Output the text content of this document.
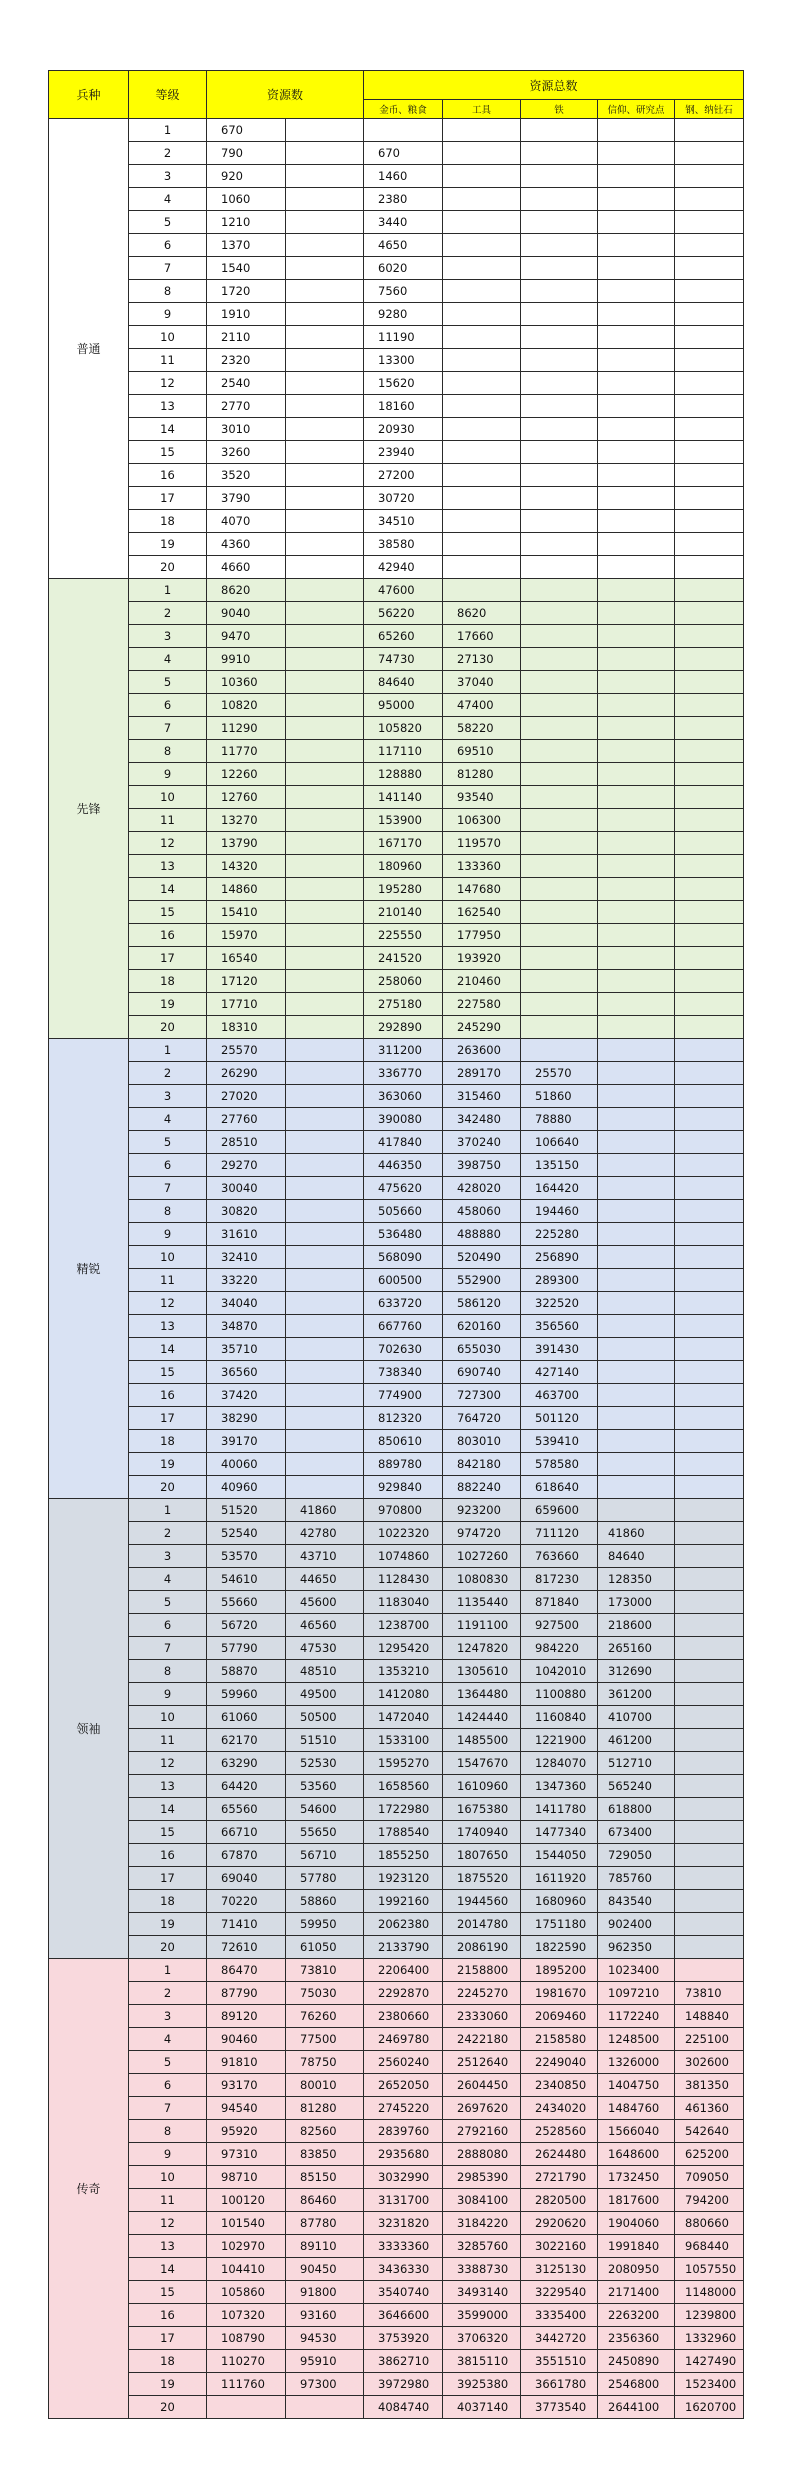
兵种	等级	资源数		资源总数				
				金币、粮食	工具	铁	信仰、研究点	钢、纳钍石
普通	1	670						
	2	790		670				
	3	920		1460				
	4	1060		2380				
	5	1210		3440				
	6	1370		4650				
	7	1540		6020				
	8	1720		7560				
	9	1910		9280				
	10	2110		11190				
	11	2320		13300				
	12	2540		15620				
	13	2770		18160				
	14	3010		20930				
	15	3260		23940				
	16	3520		27200				
	17	3790		30720				
	18	4070		34510				
	19	4360		38580				
	20	4660		42940				
先锋	1	8620		47600				
	2	9040		56220	8620			
	3	9470		65260	17660			
	4	9910		74730	27130			
	5	10360		84640	37040			
	6	10820		95000	47400			
	7	11290		105820	58220			
	8	11770		117110	69510			
	9	12260		128880	81280			
	10	12760		141140	93540			
	11	13270		153900	106300			
	12	13790		167170	119570			
	13	14320		180960	133360			
	14	14860		195280	147680			
	15	15410		210140	162540			
	16	15970		225550	177950			
	17	16540		241520	193920			
	18	17120		258060	210460			
	19	17710		275180	227580			
	20	18310		292890	245290			
精锐	1	25570		311200	263600			
	2	26290		336770	289170	25570		
	3	27020		363060	315460	51860		
	4	27760		390080	342480	78880		
	5	28510		417840	370240	106640		
	6	29270		446350	398750	135150		
	7	30040		475620	428020	164420		
	8	30820		505660	458060	194460		
	9	31610		536480	488880	225280		
	10	32410		568090	520490	256890		
	11	33220		600500	552900	289300		
	12	34040		633720	586120	322520		
	13	34870		667760	620160	356560		
	14	35710		702630	655030	391430		
	15	36560		738340	690740	427140		
	16	37420		774900	727300	463700		
	17	38290		812320	764720	501120		
	18	39170		850610	803010	539410		
	19	40060		889780	842180	578580		
	20	40960		929840	882240	618640		
领袖	1	51520	41860	970800	923200	659600		
	2	52540	42780	1022320	974720	711120	41860	
	3	53570	43710	1074860	1027260	763660	84640	
	4	54610	44650	1128430	1080830	817230	128350	
	5	55660	45600	1183040	1135440	871840	173000	
	6	56720	46560	1238700	1191100	927500	218600	
	7	57790	47530	1295420	1247820	984220	265160	
	8	58870	48510	1353210	1305610	1042010	312690	
	9	59960	49500	1412080	1364480	1100880	361200	
	10	61060	50500	1472040	1424440	1160840	410700	
	11	62170	51510	1533100	1485500	1221900	461200	
	12	63290	52530	1595270	1547670	1284070	512710	
	13	64420	53560	1658560	1610960	1347360	565240	
	14	65560	54600	1722980	1675380	1411780	618800	
	15	66710	55650	1788540	1740940	1477340	673400	
	16	67870	56710	1855250	1807650	1544050	729050	
	17	69040	57780	1923120	1875520	1611920	785760	
	18	70220	58860	1992160	1944560	1680960	843540	
	19	71410	59950	2062380	2014780	1751180	902400	
	20	72610	61050	2133790	2086190	1822590	962350	
传奇	1	86470	73810	2206400	2158800	1895200	1023400	
	2	87790	75030	2292870	2245270	1981670	1097210	73810
	3	89120	76260	2380660	2333060	2069460	1172240	148840
	4	90460	77500	2469780	2422180	2158580	1248500	225100
	5	91810	78750	2560240	2512640	2249040	1326000	302600
	6	93170	80010	2652050	2604450	2340850	1404750	381350
	7	94540	81280	2745220	2697620	2434020	1484760	461360
	8	95920	82560	2839760	2792160	2528560	1566040	542640
	9	97310	83850	2935680	2888080	2624480	1648600	625200
	10	98710	85150	3032990	2985390	2721790	1732450	709050
	11	100120	86460	3131700	3084100	2820500	1817600	794200
	12	101540	87780	3231820	3184220	2920620	1904060	880660
	13	102970	89110	3333360	3285760	3022160	1991840	968440
	14	104410	90450	3436330	3388730	3125130	2080950	1057550
	15	105860	91800	3540740	3493140	3229540	2171400	1148000
	16	107320	93160	3646600	3599000	3335400	2263200	1239800
	17	108790	94530	3753920	3706320	3442720	2356360	1332960
	18	110270	95910	3862710	3815110	3551510	2450890	1427490
	19	111760	97300	3972980	3925380	3661780	2546800	1523400
	20			4084740	4037140	3773540	2644100	1620700
